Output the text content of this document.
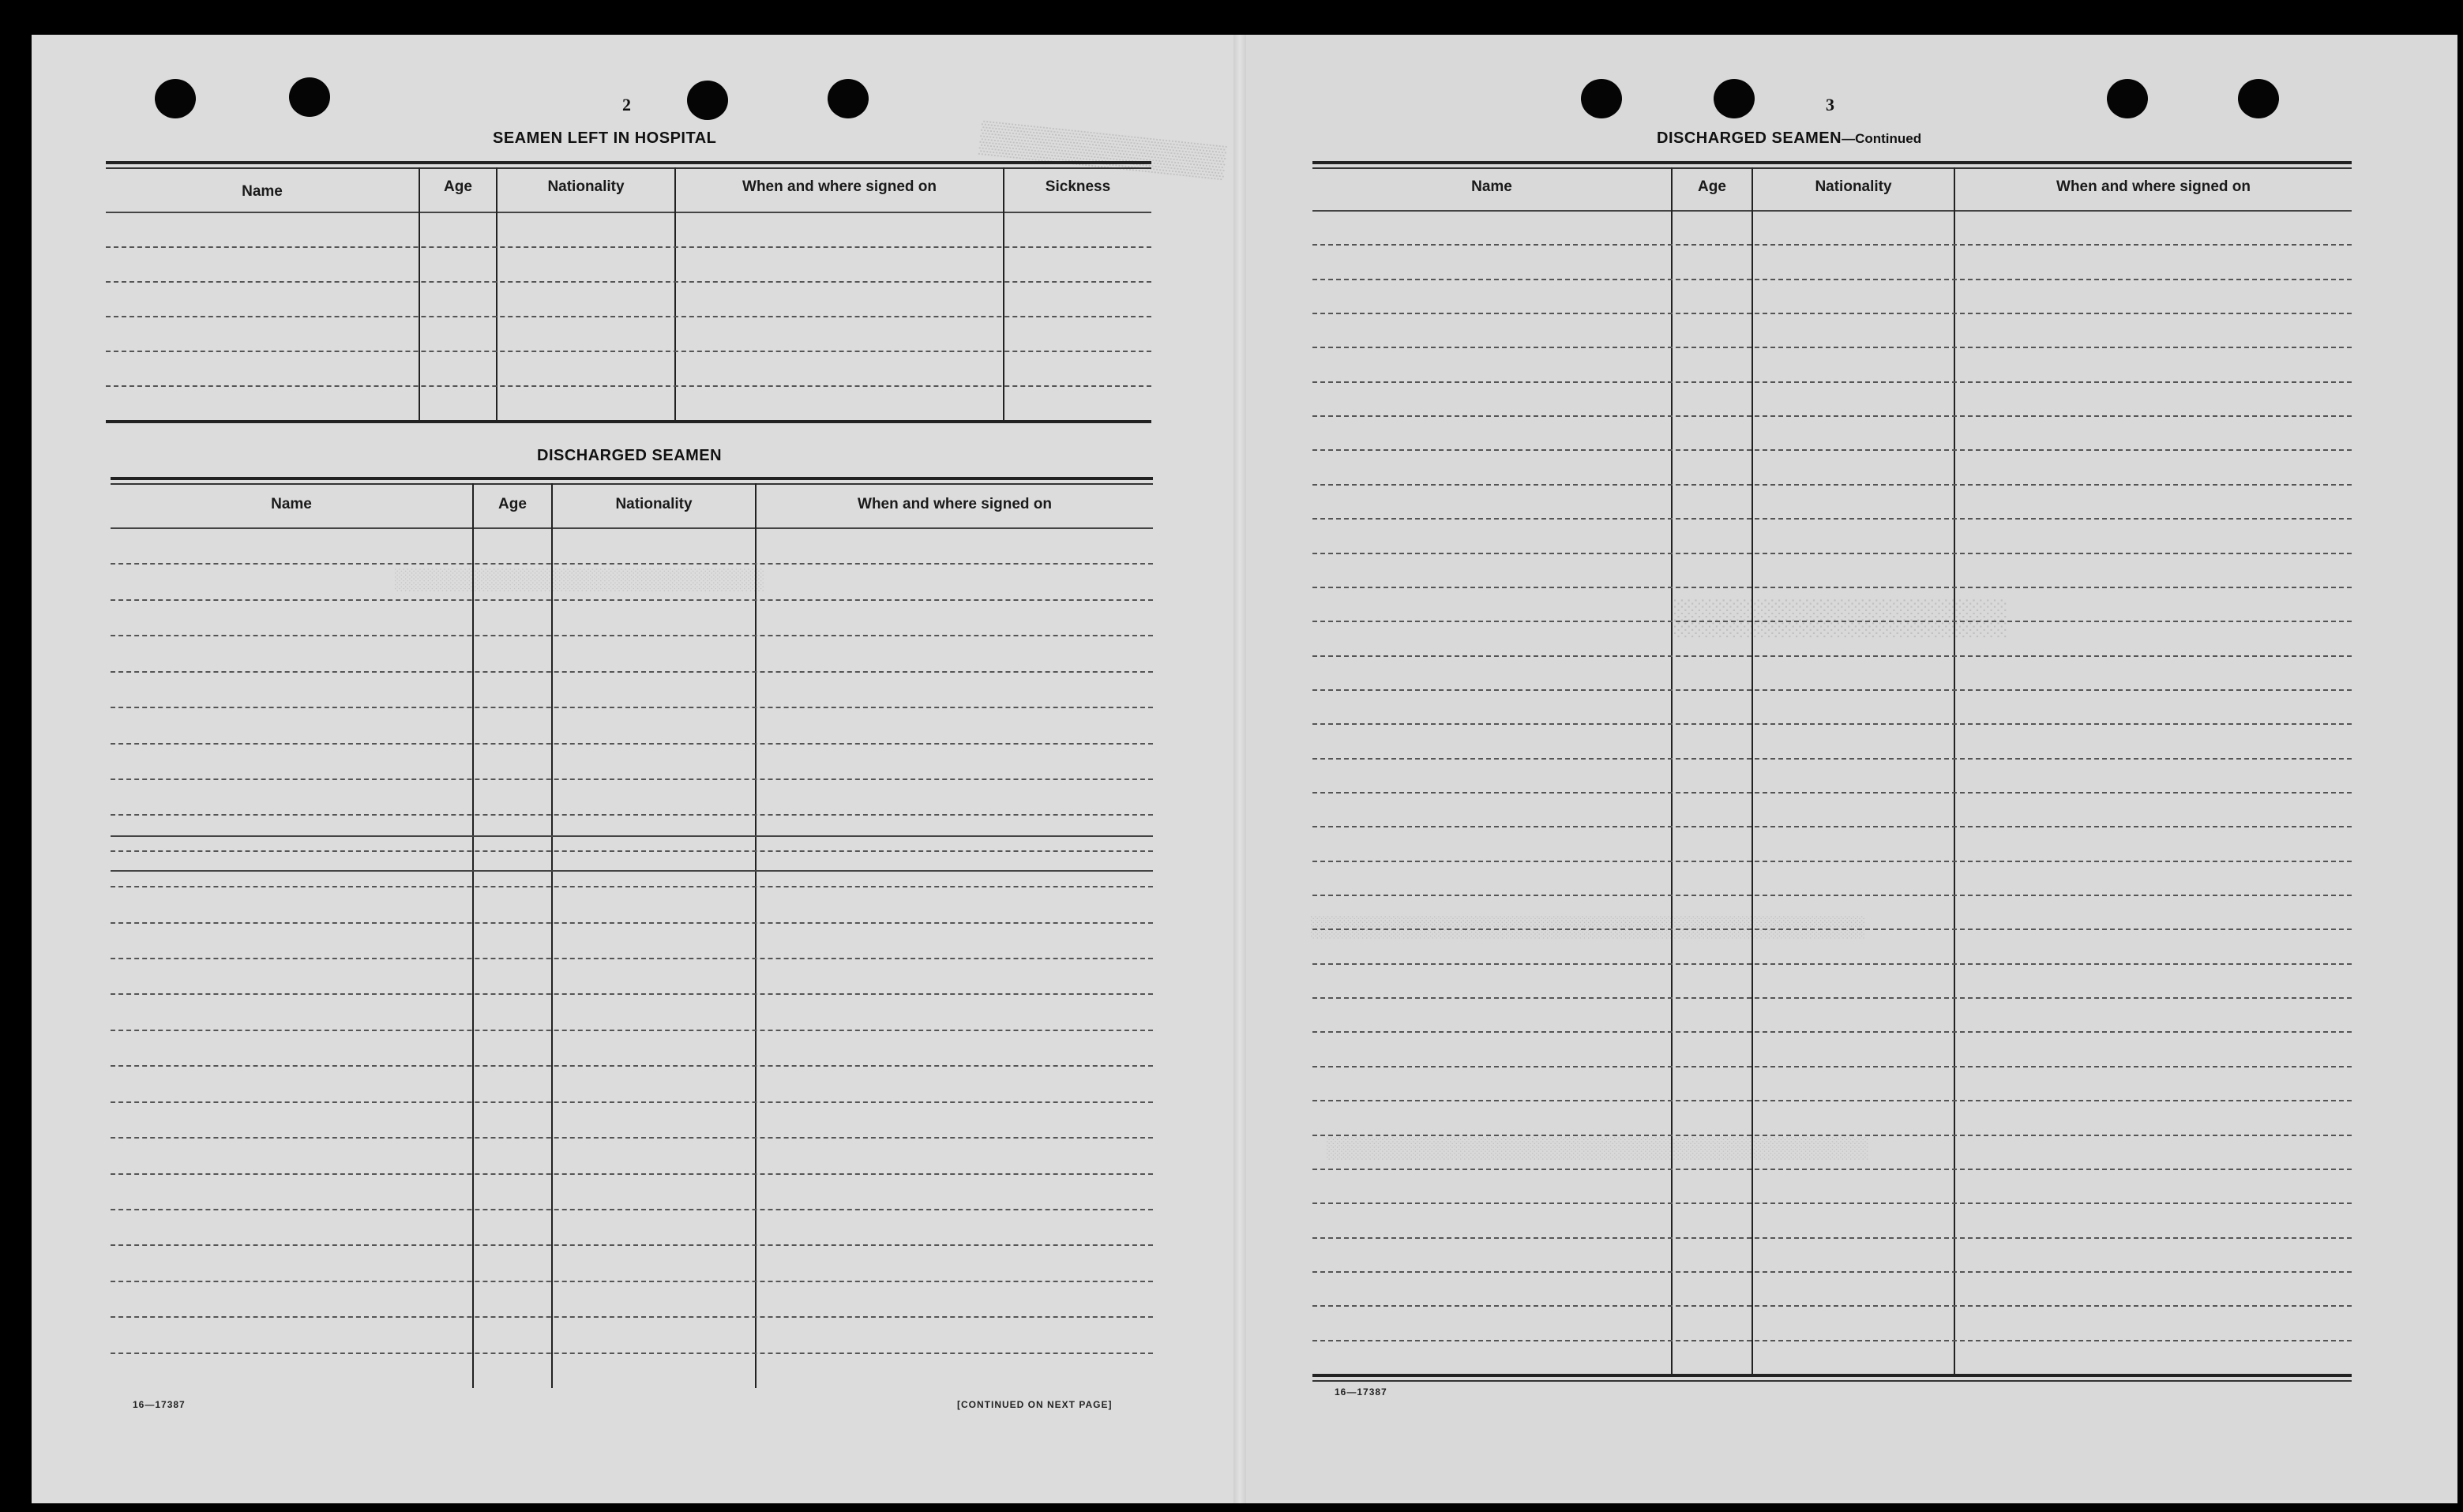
▒▒▒▒▒▒▒▒▒▒▒▒▒
░░░░░░░░░░░░░░░░░░░░░░░░░░░░░░
░░░░░░░░░░░░░░░░
░░░░░░░░░░░░░░░░░░░░░░░░░░░░░░░░░░░░░░░░░░░░░
░░░░░░░░░░░░░░░░░░░░░░░░░░░░░░░░░░░░░░░░░░░░
2
SEAMEN LEFT IN HOSPITAL
Name	Age	Nationality	When and where signed on	Sickness
DISCHARGED SEAMEN
Name	Age	Nationality	When and where signed on
16—17387	[CONTINUED ON NEXT PAGE]
3
DISCHARGED SEAMEN—Continued
Name	Age	Nationality	When and where signed on
16—17387
